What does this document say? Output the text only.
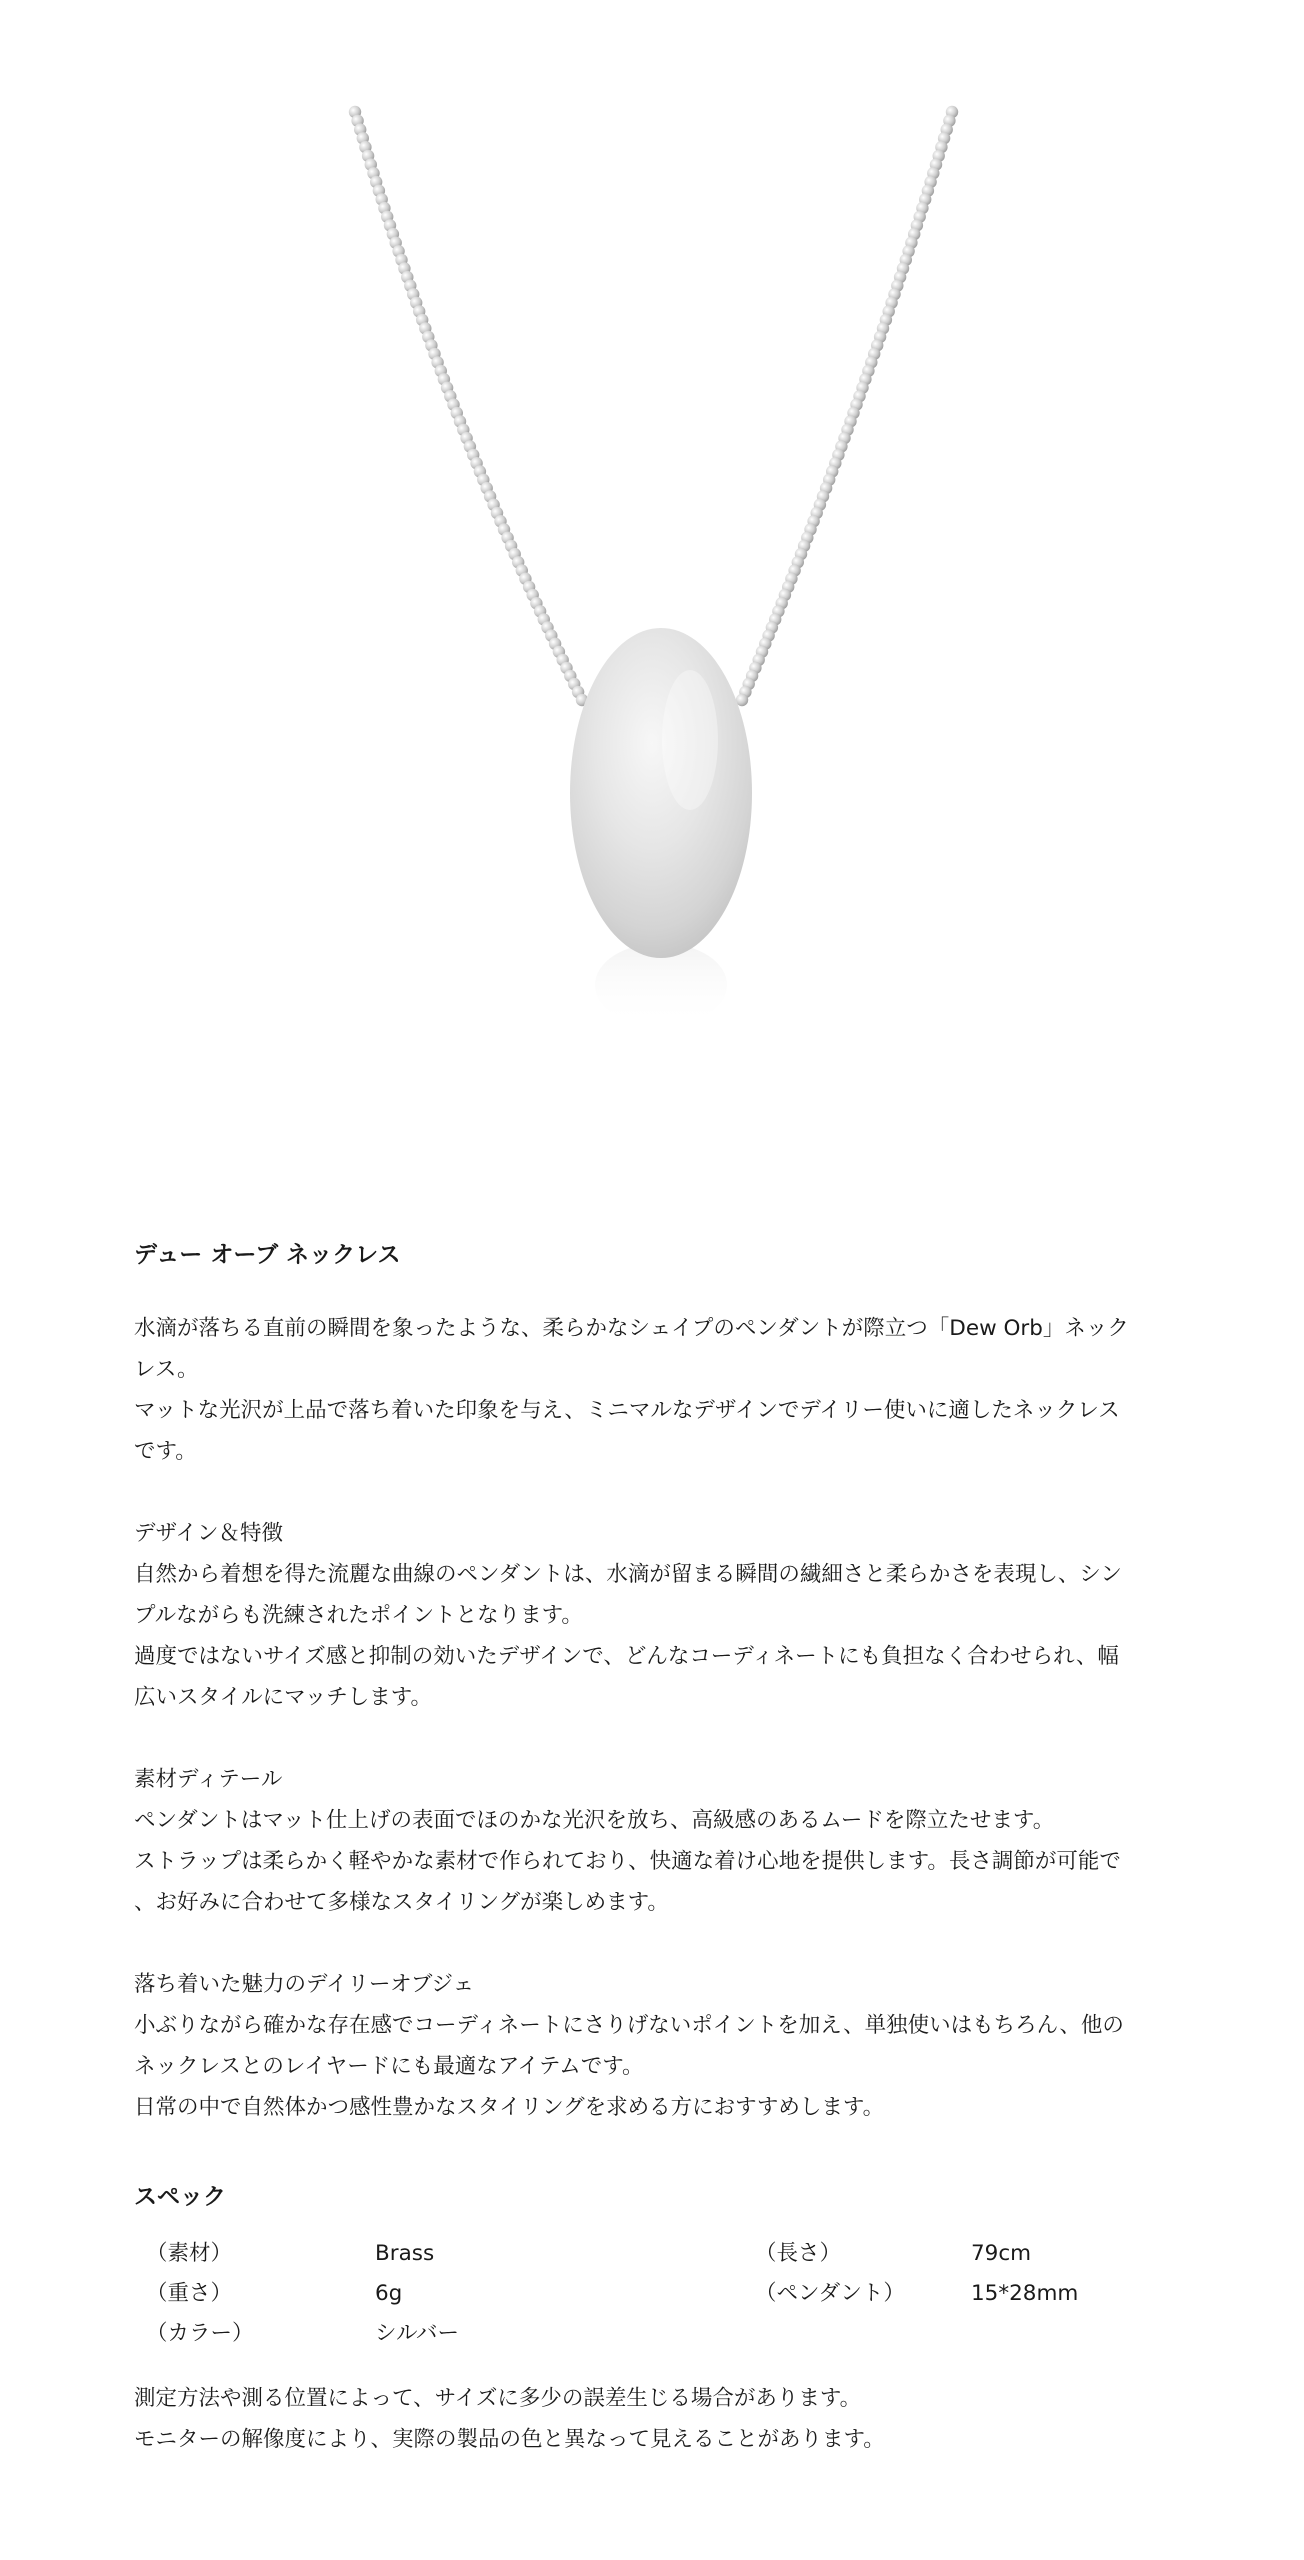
デュー オーブ ネックレス

水滴が落ちる直前の瞬間を象ったような、柔らかなシェイプのペンダントが際立つ「Dew Orb」ネック

レス。

マットな光沢が上品で落ち着いた印象を与え、ミニマルなデザインでデイリー使いに適したネックレス

です。

デザイン＆特徴

自然から着想を得た流麗な曲線のペンダントは、水滴が留まる瞬間の繊細さと柔らかさを表現し、シン

プルながらも洗練されたポイントとなります。

過度ではないサイズ感と抑制の効いたデザインで、どんなコーディネートにも負担なく合わせられ、幅

広いスタイルにマッチします。

素材ディテール

ペンダントはマット仕上げの表面でほのかな光沢を放ち、高級感のあるムードを際立たせます。

ストラップは柔らかく軽やかな素材で作られており、快適な着け心地を提供します。長さ調節が可能で

、お好みに合わせて多様なスタイリングが楽しめます。

落ち着いた魅力のデイリーオブジェ

小ぶりながら確かな存在感でコーディネートにさりげないポイントを加え、単独使いはもちろん、他の

ネックレスとのレイヤードにも最適なアイテムです。

日常の中で自然体かつ感性豊かなスタイリングを求める方におすすめします。

スペック
（素材）	Brass	（長さ）	79cm
（重さ）	6g	（ペンダント）	15*28mm
（カラー）	シルバー

測定方法や測る位置によって、サイズに多少の誤差生じる場合があります。

モニターの解像度により、実際の製品の色と異なって見えることがあります。
